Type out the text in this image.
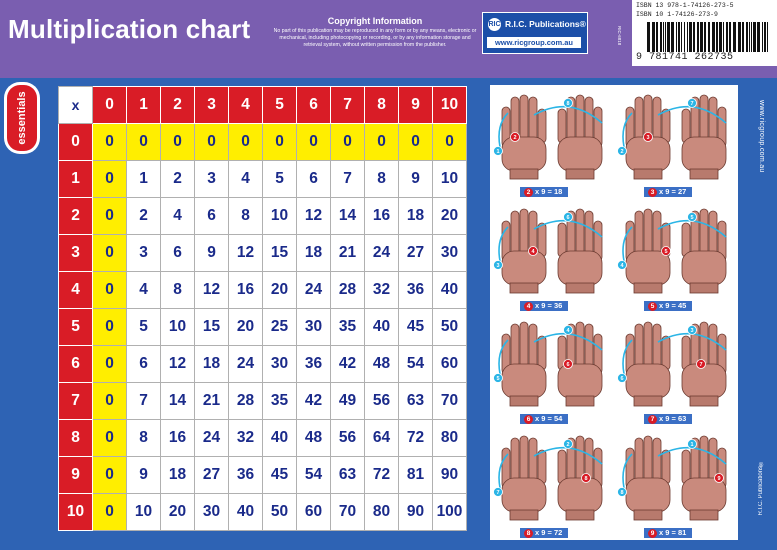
Multiplication chart	Copyright Information
No part of this publication may be reproduced in any form or by any means, electronic or mechanical, including photocopying or recording, or by any information storage and retrieval system, without written permission from the publisher.
RIC R.I.C. Publications®
www.ricgroup.com.au	RIC-6818
ISBN 13 978-1-74126-273-5
ISBN 10 1-74126-273-9
9 781741 262735
essentials	x	0	1	2	3	4	5	6	7	8	9	10
0	0	0	0	0	0	0	0	0	0	0	0
1	0	1	2	3	4	5	6	7	8	9	10
2	0	2	4	6	8	10	12	14	16	18	20
3	0	3	6	9	12	15	18	21	24	27	30
4	0	4	8	12	16	20	24	28	32	36	40
5	0	5	10	15	20	25	30	35	40	45	50
6	0	6	12	18	24	30	36	42	48	54	60
7	0	7	14	21	28	35	42	49	56	63	70
8	0	8	16	24	32	40	48	56	64	72	80
9	0	9	18	27	36	45	54	63	72	81	90
10	0	10	20	30	40	50	60	70	80	90	100
1
8
2
2 x 9 = 18
2
7
3
3 x 9 = 27
3
6
4
4 x 9 = 36
4
5
5
5 x 9 = 45
5
4
6
6 x 9 = 54
6
3
7
7 x 9 = 63
7
2
8
8 x 9 = 72
8
1
9
9 x 9 = 81
www.ricgroup.com.au
R.I.C. Publications®
